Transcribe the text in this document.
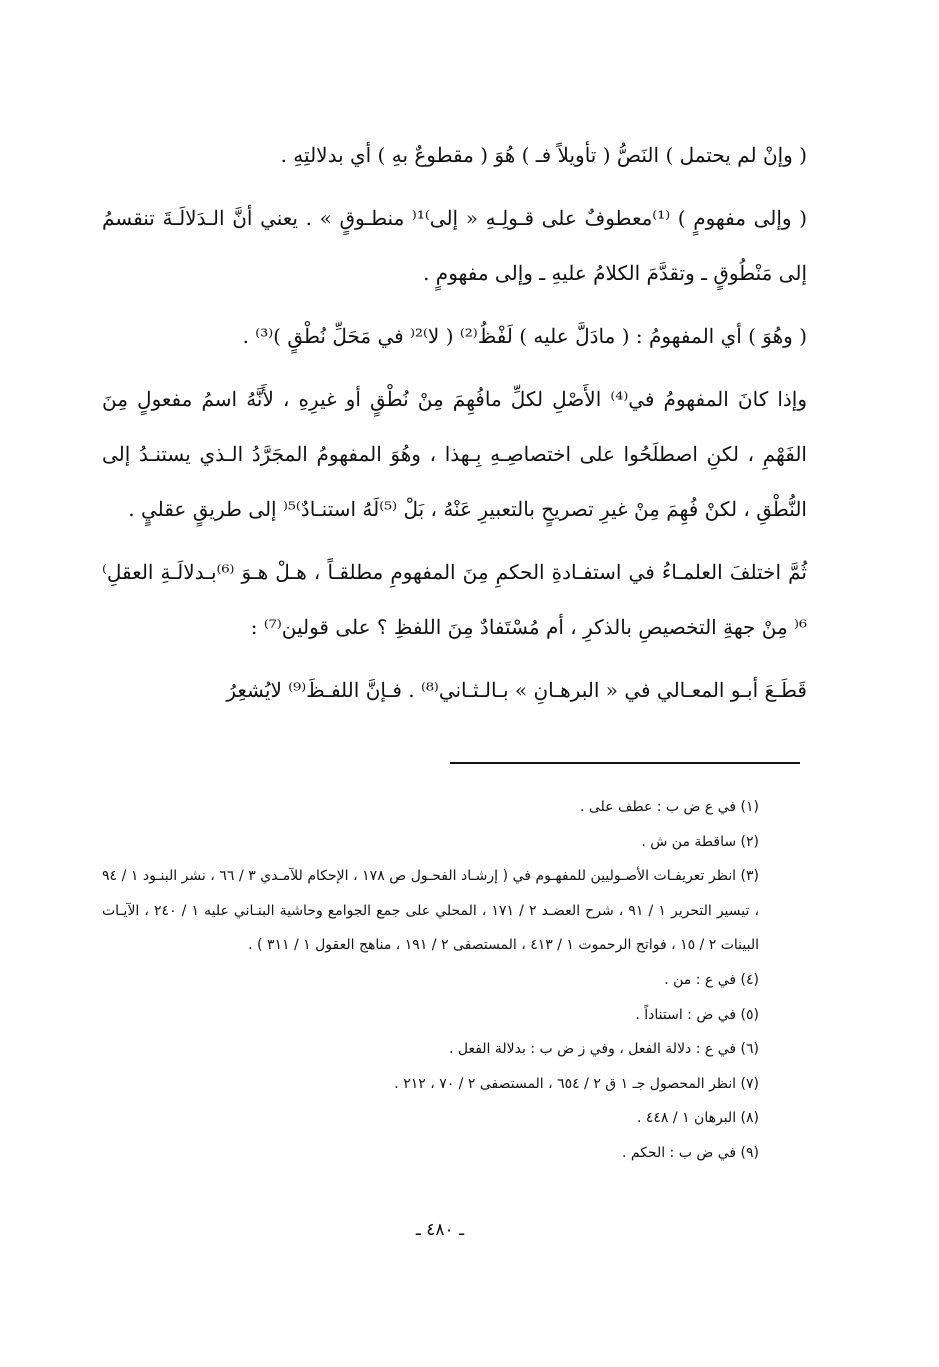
( وإنْ لم يحتمل ) النَصُّ ( تأويلاً فـ ) هُوَ ( مقطوعٌ بهِ ) أي بدلالتِهِ .

( وإلى مفهومٍ ) ⁽¹⁾معطوفٌ على قـولِـهِ « إلى⁾¹⁽ منطـوقٍ » . يعني أنَّ الـدَلالَـةَ تنقسمُ إلى مَنْطُوقٍ ـ وتقدَّمَ الكلامُ عليهِ ـ وإلى مفهومٍ .

( وهُوَ ) أي المفهومُ : ( مادَلَّ عليه ) لَفْظُ⁽²⁾ ( لا⁾²⁽ في مَحَلِّ نُطْقٍ )⁽³⁾ .

وإذا كانَ المفهومُ في⁽⁴⁾ الأَصْلِ لكلِّ مافُهِمَ مِنْ نُطْقٍ أو غيرِهِ ، لأَنَّهُ اسمُ مفعولٍ مِنَ الفَهْمِ ، لكنِ اصطلَحُوا على اختصاصِـهِ بِـهذا ، وهُوَ المفهومُ المجَرَّدُ الـذي يستنـدُ إلى النُّطْقِ ، لكنْ فُهِمَ مِنْ غيرِ تصريحٍ بالتعبيرِ عَنْهُ ، بَلْ ⁽⁵⁾لَهُ استنـادٌ⁾⁵⁽ إلى طريقٍ عقليٍ .

ثُمَّ اختلفَ العلمـاءُ في استفـادةِ الحكمِ مِنَ المفهومِ مطلقـاً ، هـلْ هـوَ ⁽⁶⁾بـدلالَـةِ العقلِ⁾⁶⁽ مِنْ جهةِ التخصيصِ بالذكرِ ، أم مُسْتَفادٌ مِنَ اللفظِ ؟ على قولين⁽⁷⁾ :

قَطَـعَ أبـو المعـالي في « البرهـانِ » بـالـثـاني⁽⁸⁾ . فـإنَّ اللفـظَ⁽⁹⁾ لايُشعِرُ

(١) في ع ض ب : عطف على .

(٢) ساقطة من ش .

(٣) انظر تعريفـات الأصـوليين للمفهـوم في ( إرشـاد الفحـول ص ١٧٨ ، الإحكام للآمـدي ٣ / ٦٦ ، نشر البنـود ١ / ٩٤ ، تيسير التحرير ١ / ٩١ ، شرح العضـد ٢ / ١٧١ ، المحلي على جمع الجوامع وحاشية البنـاني عليه ١ / ٢٤٠ ، الآيـات البينات ٢ / ١٥ ، فواتح الرحموت ١ / ٤١٣ ، المستصفى ٢ / ١٩١ ، مناهج العقول ١ / ٣١١ ) .

(٤) في ع : من .

(٥) في ض : استناداً .

(٦) في ع : دلالة الفعل ، وفي ز ض ب : بدلالة الفعل .

(٧) انظر المحصول جـ ١ ق ٢ / ٦٥٤ ، المستصفى ٢ / ٧٠ ، ٢١٢ .

(٨) البرهان ١ / ٤٤٨ .

(٩) في ض ب : الحكم .

ـ ٤٨٠ ـ
